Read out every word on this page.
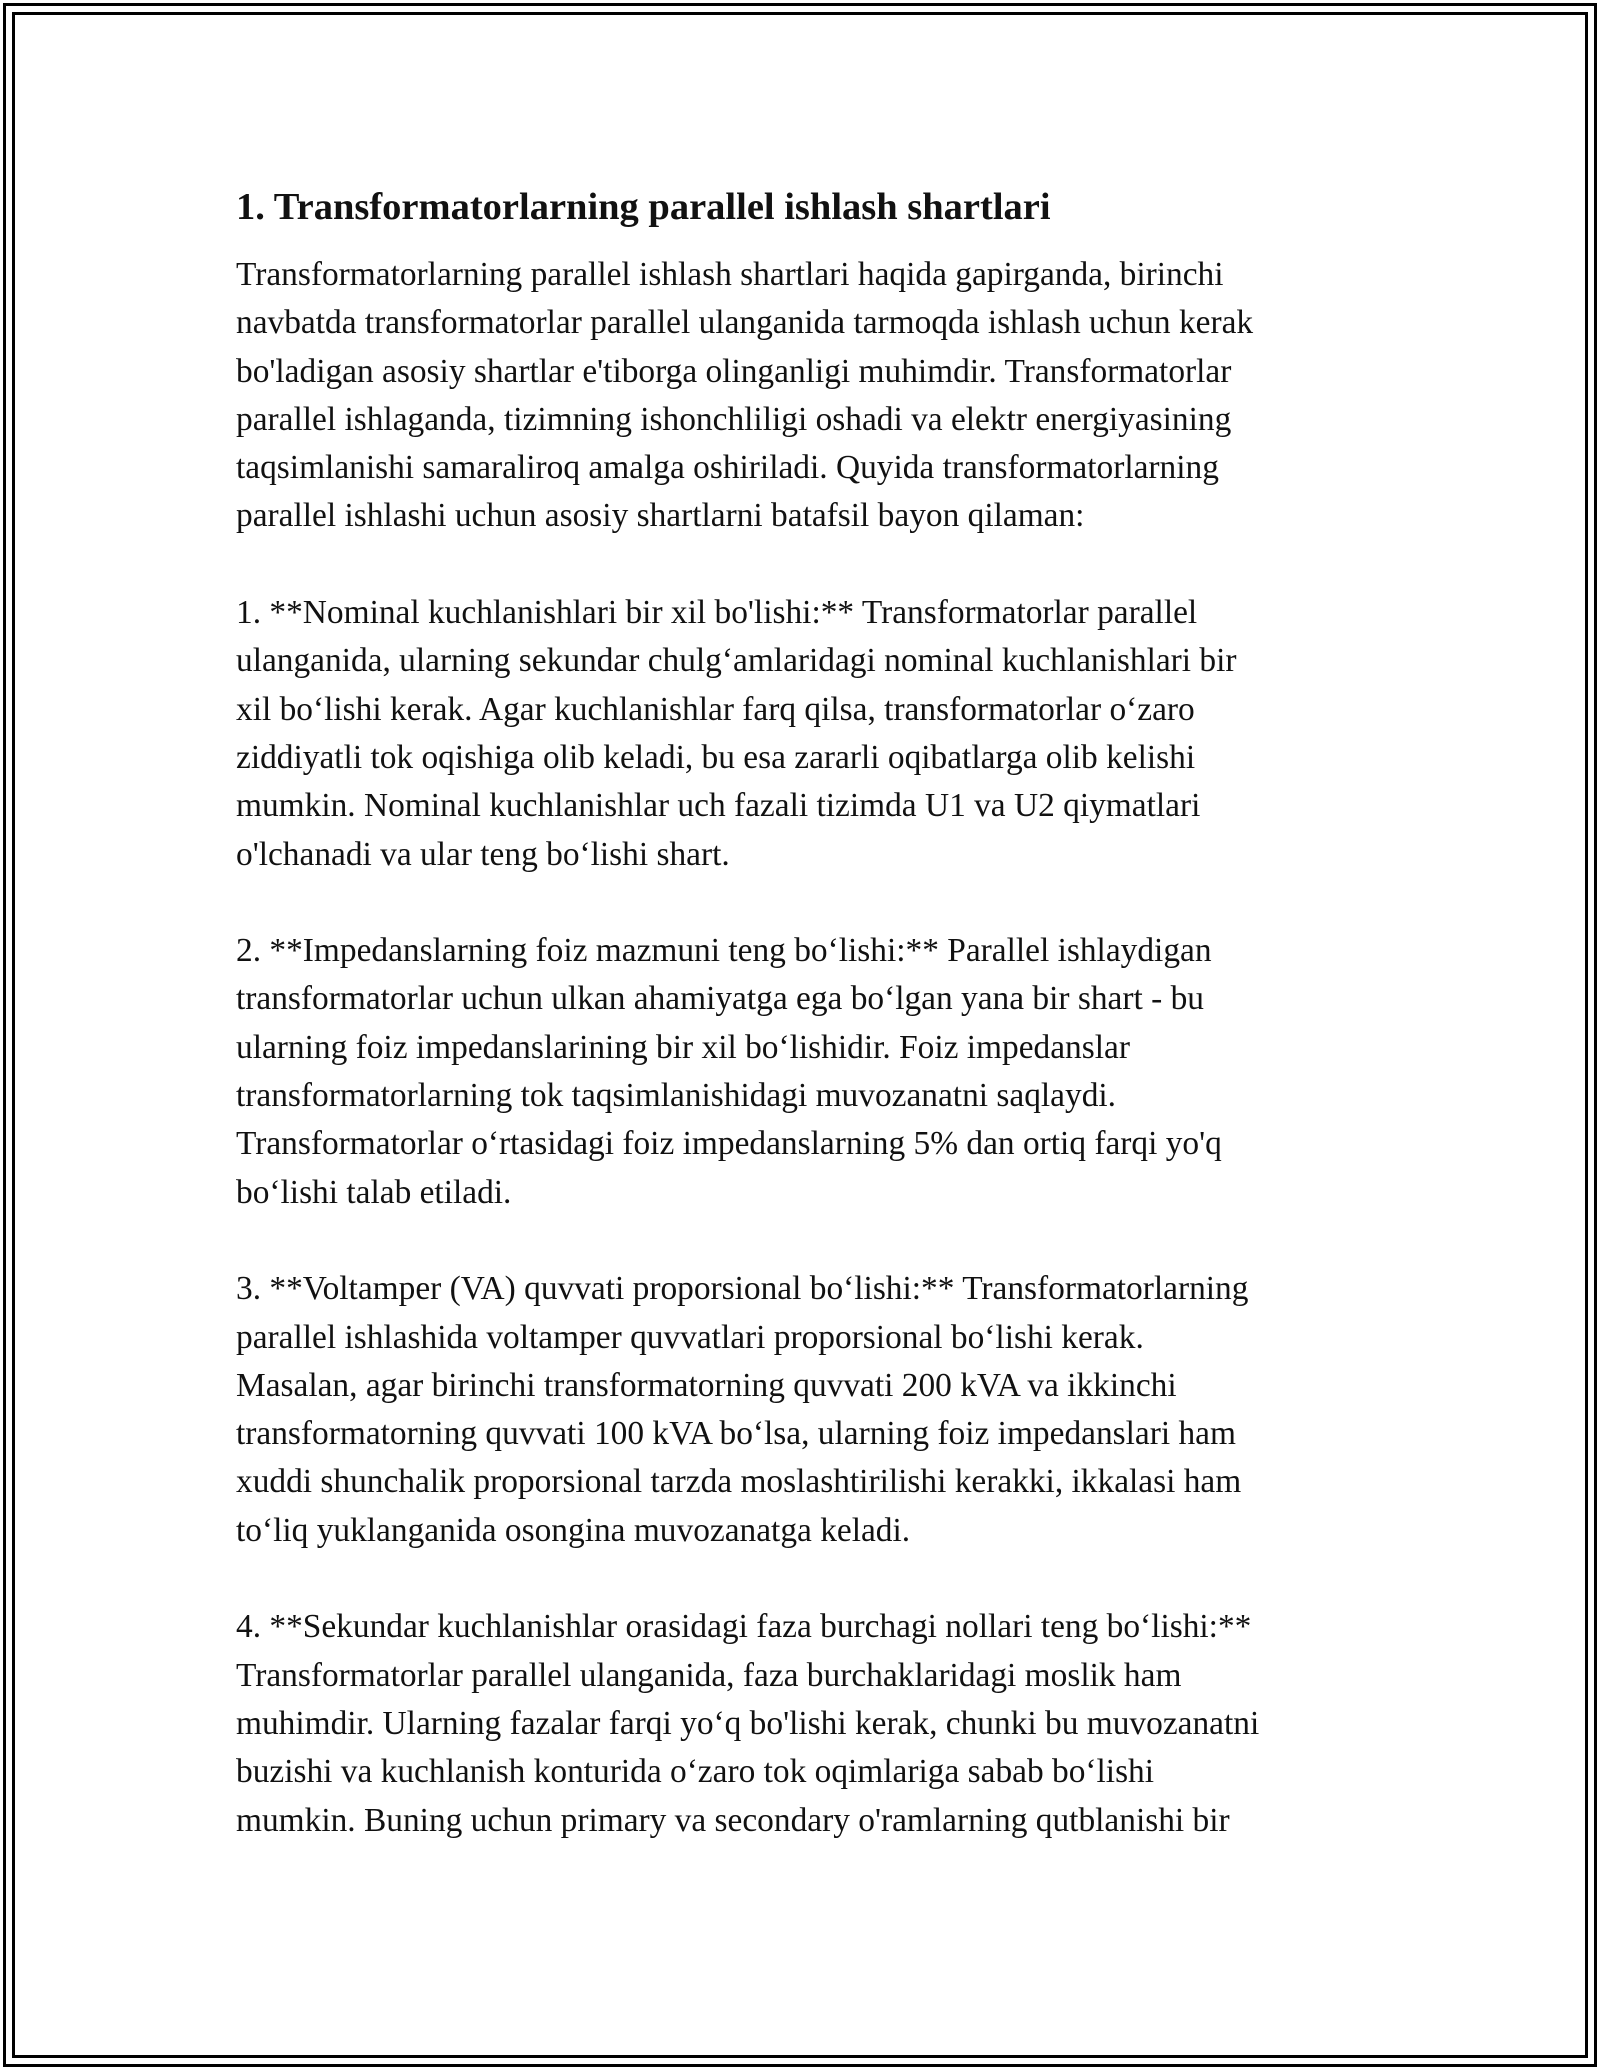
1. Transformatorlarning parallel ishlash shartlari

Transformatorlarning parallel ishlash shartlari haqida gapirganda, birinchi
navbatda transformatorlar parallel ulanganida tarmoqda ishlash uchun kerak
bo'ladigan asosiy shartlar e'tiborga olinganligi muhimdir. Transformatorlar
parallel ishlaganda, tizimning ishonchliligi oshadi va elektr energiyasining
taqsimlanishi samaraliroq amalga oshiriladi. Quyida transformatorlarning
parallel ishlashi uchun asosiy shartlarni batafsil bayon qilaman:

1. **Nominal kuchlanishlari bir xil bo'lishi:** Transformatorlar parallel
ulanganida, ularning sekundar chulg‘amlaridagi nominal kuchlanishlari bir
xil bo‘lishi kerak. Agar kuchlanishlar farq qilsa, transformatorlar o‘zaro
ziddiyatli tok oqishiga olib keladi, bu esa zararli oqibatlarga olib kelishi
mumkin. Nominal kuchlanishlar uch fazali tizimda U1 va U2 qiymatlari
o'lchanadi va ular teng bo‘lishi shart.

2. **Impedanslarning foiz mazmuni teng bo‘lishi:** Parallel ishlaydigan
transformatorlar uchun ulkan ahamiyatga ega bo‘lgan yana bir shart - bu
ularning foiz impedanslarining bir xil bo‘lishidir. Foiz impedanslar
transformatorlarning tok taqsimlanishidagi muvozanatni saqlaydi.
Transformatorlar o‘rtasidagi foiz impedanslarning 5% dan ortiq farqi yo'q
bo‘lishi talab etiladi.

3. **Voltamper (VA) quvvati proporsional bo‘lishi:** Transformatorlarning
parallel ishlashida voltamper quvvatlari proporsional bo‘lishi kerak.
Masalan, agar birinchi transformatorning quvvati 200 kVA va ikkinchi
transformatorning quvvati 100 kVA bo‘lsa, ularning foiz impedanslari ham
xuddi shunchalik proporsional tarzda moslashtirilishi kerakki, ikkalasi ham
to‘liq yuklanganida osongina muvozanatga keladi.

4. **Sekundar kuchlanishlar orasidagi faza burchagi nollari teng bo‘lishi:**
Transformatorlar parallel ulanganida, faza burchaklaridagi moslik ham
muhimdir. Ularning fazalar farqi yo‘q bo'lishi kerak, chunki bu muvozanatni
buzishi va kuchlanish konturida o‘zaro tok oqimlariga sabab bo‘lishi
mumkin. Buning uchun primary va secondary o'ramlarning qutblanishi bir
